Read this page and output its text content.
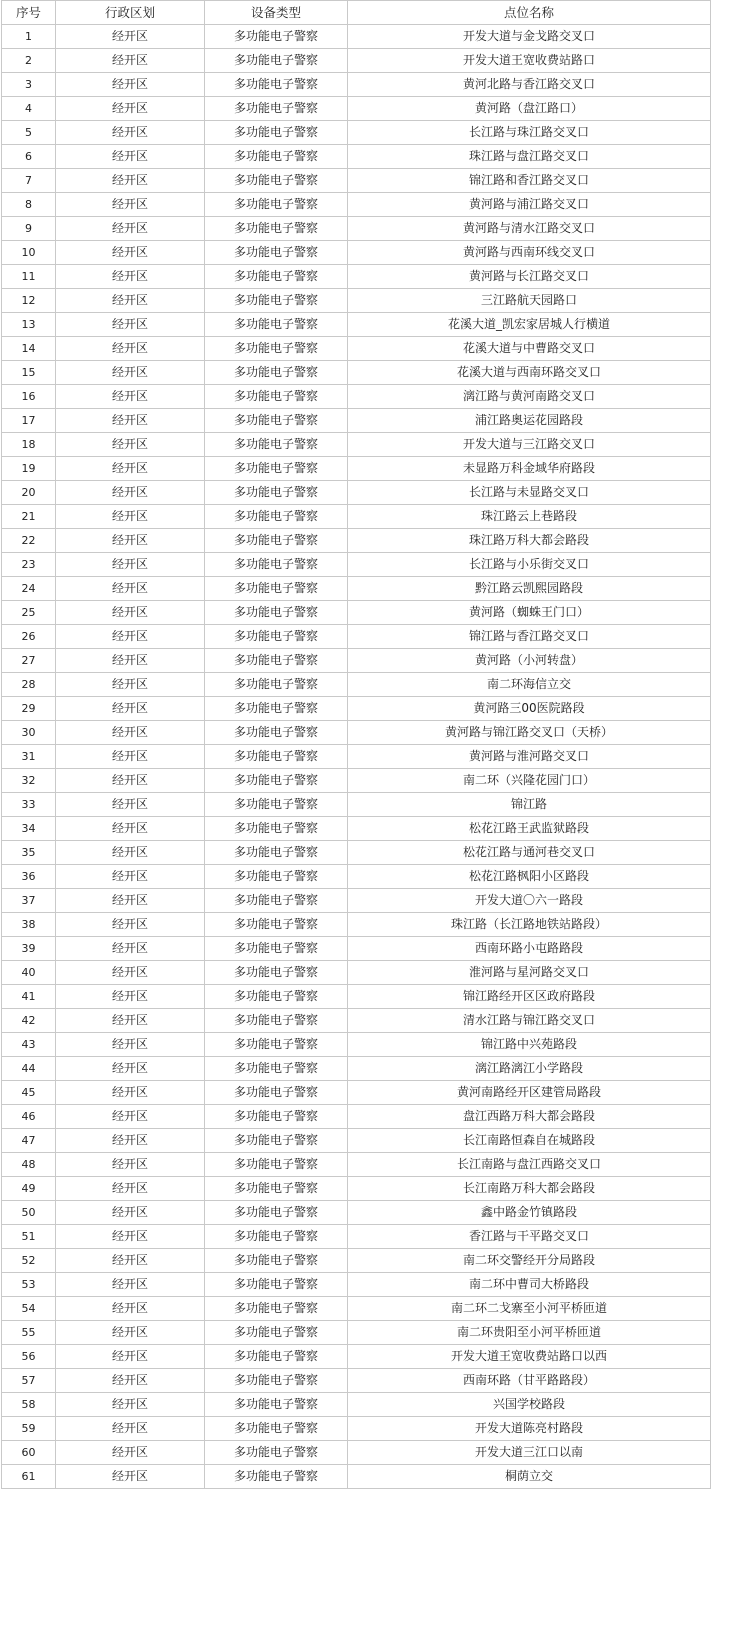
序号	行政区划	设备类型	点位名称
1	经开区	多功能电子警察	开发大道与金戈路交叉口
2	经开区	多功能电子警察	开发大道王宽收费站路口
3	经开区	多功能电子警察	黄河北路与香江路交叉口
4	经开区	多功能电子警察	黄河路（盘江路口）
5	经开区	多功能电子警察	长江路与珠江路交叉口
6	经开区	多功能电子警察	珠江路与盘江路交叉口
7	经开区	多功能电子警察	锦江路和香江路交叉口
8	经开区	多功能电子警察	黄河路与浦江路交叉口
9	经开区	多功能电子警察	黄河路与清水江路交叉口
10	经开区	多功能电子警察	黄河路与西南环线交叉口
11	经开区	多功能电子警察	黄河路与长江路交叉口
12	经开区	多功能电子警察	三江路航天园路口
13	经开区	多功能电子警察	花溪大道_凯宏家居城人行横道
14	经开区	多功能电子警察	花溪大道与中曹路交叉口
15	经开区	多功能电子警察	花溪大道与西南环路交叉口
16	经开区	多功能电子警察	漓江路与黄河南路交叉口
17	经开区	多功能电子警察	浦江路奥运花园路段
18	经开区	多功能电子警察	开发大道与三江路交叉口
19	经开区	多功能电子警察	未显路万科金域华府路段
20	经开区	多功能电子警察	长江路与未显路交叉口
21	经开区	多功能电子警察	珠江路云上巷路段
22	经开区	多功能电子警察	珠江路万科大都会路段
23	经开区	多功能电子警察	长江路与小乐街交叉口
24	经开区	多功能电子警察	黔江路云凯熙园路段
25	经开区	多功能电子警察	黄河路（蜘蛛王门口）
26	经开区	多功能电子警察	锦江路与香江路交叉口
27	经开区	多功能电子警察	黄河路（小河转盘）
28	经开区	多功能电子警察	南二环海信立交
29	经开区	多功能电子警察	黄河路三00医院路段
30	经开区	多功能电子警察	黄河路与锦江路交叉口（天桥）
31	经开区	多功能电子警察	黄河路与淮河路交叉口
32	经开区	多功能电子警察	南二环（兴隆花园门口）
33	经开区	多功能电子警察	锦江路
34	经开区	多功能电子警察	松花江路王武监狱路段
35	经开区	多功能电子警察	松花江路与通河巷交叉口
36	经开区	多功能电子警察	松花江路枫阳小区路段
37	经开区	多功能电子警察	开发大道〇六一路段
38	经开区	多功能电子警察	珠江路（长江路地铁站路段）
39	经开区	多功能电子警察	西南环路小屯路路段
40	经开区	多功能电子警察	淮河路与星河路交叉口
41	经开区	多功能电子警察	锦江路经开区区政府路段
42	经开区	多功能电子警察	清水江路与锦江路交叉口
43	经开区	多功能电子警察	锦江路中兴苑路段
44	经开区	多功能电子警察	漓江路漓江小学路段
45	经开区	多功能电子警察	黄河南路经开区建管局路段
46	经开区	多功能电子警察	盘江西路万科大都会路段
47	经开区	多功能电子警察	长江南路恒森自在城路段
48	经开区	多功能电子警察	长江南路与盘江西路交叉口
49	经开区	多功能电子警察	长江南路万科大都会路段
50	经开区	多功能电子警察	鑫中路金竹镇路段
51	经开区	多功能电子警察	香江路与干平路交叉口
52	经开区	多功能电子警察	南二环交警经开分局路段
53	经开区	多功能电子警察	南二环中曹司大桥路段
54	经开区	多功能电子警察	南二环二戈寨至小河平桥匝道
55	经开区	多功能电子警察	南二环贵阳至小河平桥匝道
56	经开区	多功能电子警察	开发大道王宽收费站路口以西
57	经开区	多功能电子警察	西南环路（甘平路路段）
58	经开区	多功能电子警察	兴国学校路段
59	经开区	多功能电子警察	开发大道陈亮村路段
60	经开区	多功能电子警察	开发大道三江口以南
61	经开区	多功能电子警察	桐荫立交
